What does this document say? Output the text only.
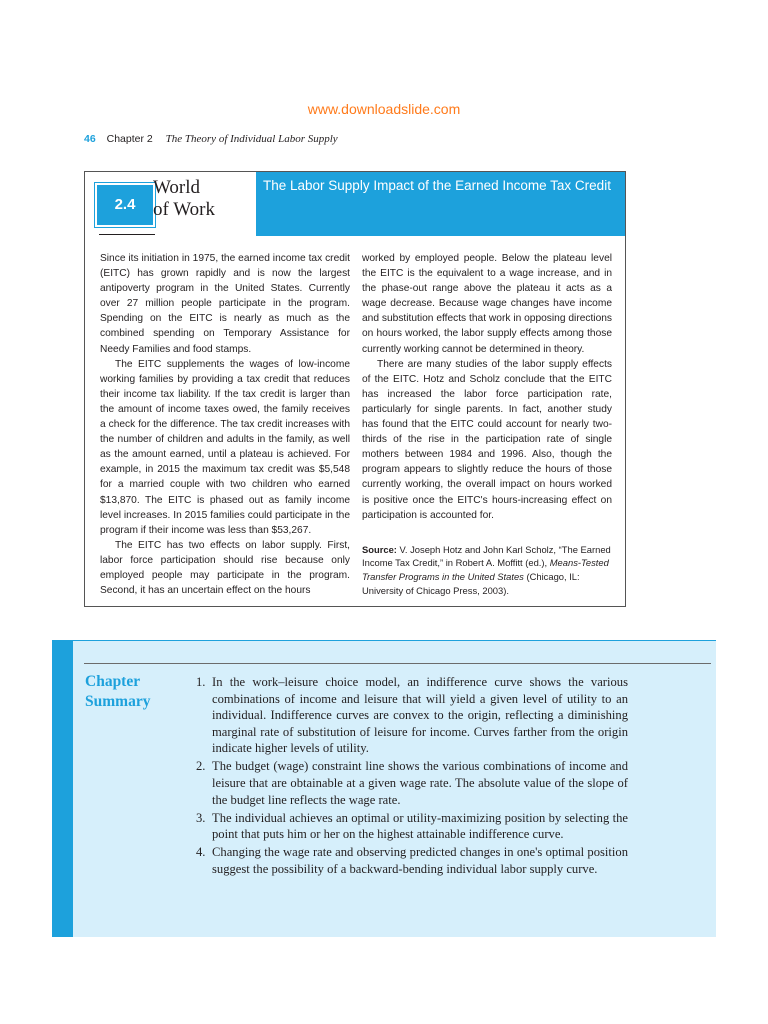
www.downloadslide.com
46 Chapter 2 The Theory of Individual Labor Supply
2.4
World
of Work
The Labor Supply Impact of the Earned Income Tax Credit

Since its initiation in 1975, the earned income tax credit (EITC) has grown rapidly and is now the largest antipoverty program in the United States. Currently over 27 million people participate in the program. Spending on the EITC is nearly as much as the combined spending on Temporary Assistance for Needy Families and food stamps.

The EITC supplements the wages of low-income working families by providing a tax credit that reduces their income tax liability. If the tax credit is larger than the amount of income taxes owed, the family receives a check for the difference. The tax credit increases with the number of children and adults in the family, as well as the amount earned, until a plateau is achieved. For example, in 2015 the maximum tax credit was $5,548 for a married couple with two children who earned $13,870. The EITC is phased out as family income level increases. In 2015 families could participate in the program if their income was less than $53,267.

The EITC has two effects on labor supply. First, labor force participation should rise because only employed people may participate in the program. Second, it has an uncertain effect on the hours

worked by employed people. Below the plateau level the EITC is the equivalent to a wage increase, and in the phase-out range above the plateau it acts as a wage decrease. Because wage changes have income and substitution effects that work in opposing directions on hours worked, the labor supply effects among those currently working cannot be determined in theory.

There are many studies of the labor supply effects of the EITC. Hotz and Scholz conclude that the EITC has increased the labor force participation rate, particularly for single parents. In fact, another study has found that the EITC could account for nearly two-thirds of the rise in the participation rate of single mothers between 1984 and 1996. Also, though the program appears to slightly reduce the hours of those currently working, the overall impact on hours worked is positive once the EITC's hours-increasing effect on participation is accounted for.

Source: V. Joseph Hotz and John Karl Scholz, “The Earned Income Tax Credit,” in Robert A. Moffitt (ed.), Means-Tested Transfer Programs in the United States (Chicago, IL: University of Chicago Press, 2003).

Chapter Summary
1. In the work–leisure choice model, an indifference curve shows the various combinations of income and leisure that will yield a given level of utility to an individual. Indifference curves are convex to the origin, reflecting a diminishing marginal rate of substitution of leisure for income. Curves farther from the origin indicate higher levels of utility.
2. The budget (wage) constraint line shows the various combinations of income and leisure that are obtainable at a given wage rate. The absolute value of the slope of the budget line reflects the wage rate.
3. The individual achieves an optimal or utility-maximizing position by selecting the point that puts him or her on the highest attainable indifference curve.
4. Changing the wage rate and observing predicted changes in one's optimal position suggest the possibility of a backward-bending individual labor supply curve.
